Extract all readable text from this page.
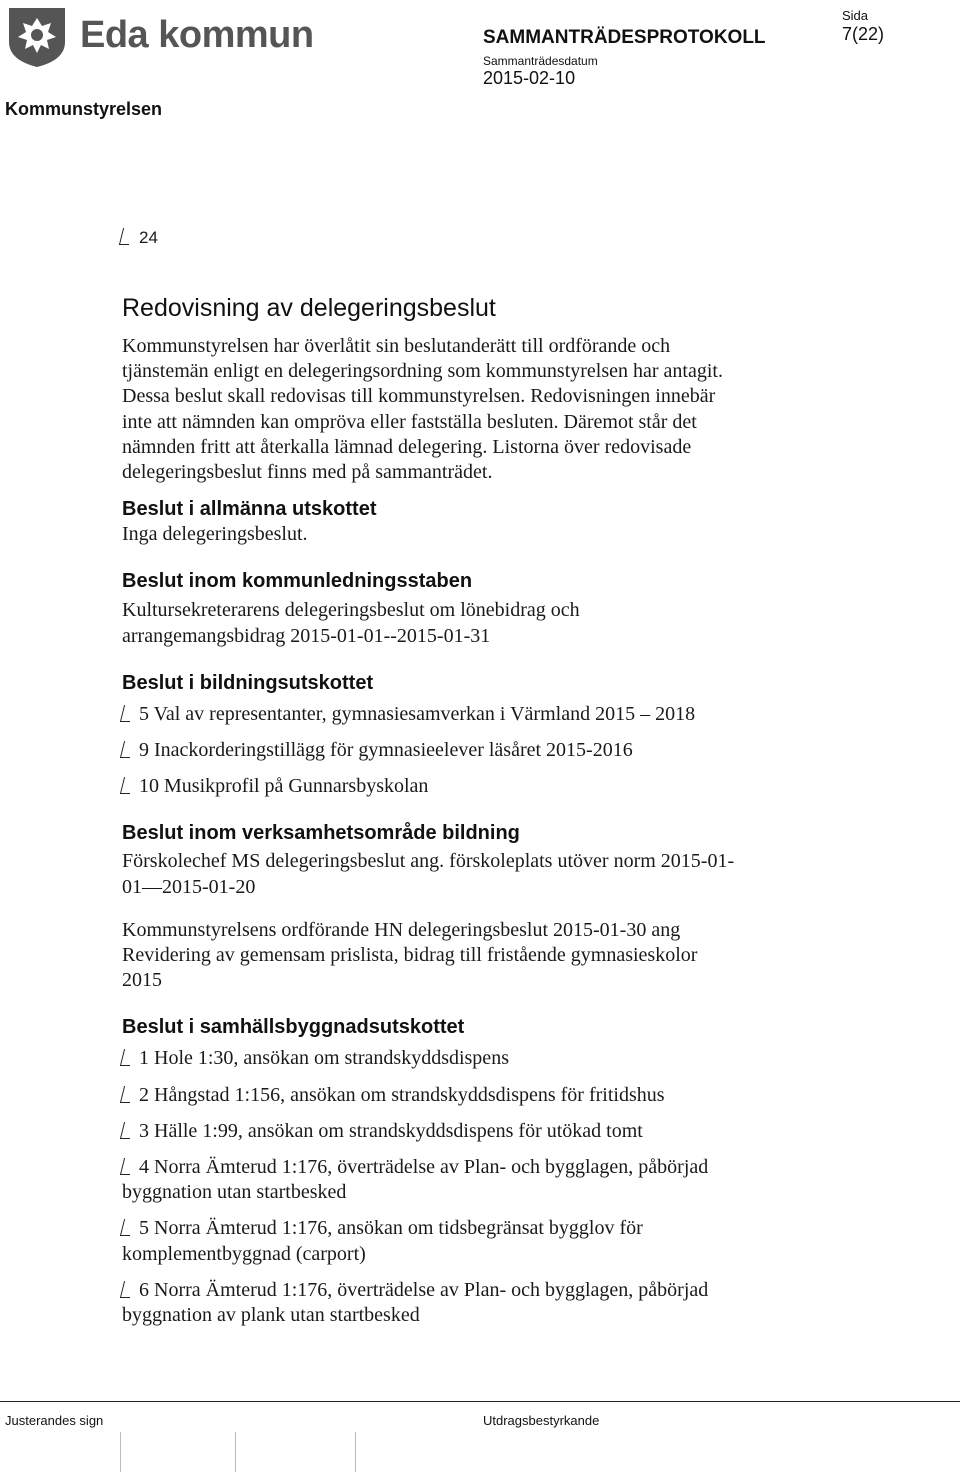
Eda kommun	SAMMANTRÄDESPROTOKOLL
Sammanträdesdatum
2015-02-10
Sida
7(22)
Kommunstyrelsen
24
Redovisning av delegeringsbeslut

Kommunstyrelsen har överlåtit sin beslutanderätt till ordförande och

tjänstemän enligt en delegeringsordning som kommunstyrelsen har antagit.

Dessa beslut skall redovisas till kommunstyrelsen. Redovisningen innebär

inte att nämnden kan ompröva eller fastställa besluten. Däremot står det

nämnden fritt att återkalla lämnad delegering. Listorna över redovisade

delegeringsbeslut finns med på sammanträdet.

Beslut i allmänna utskottet

Inga delegeringsbeslut.

Beslut inom kommunledningsstaben

Kultursekreterarens delegeringsbeslut om lönebidrag och

arrangemangsbidrag 2015-01-01--2015-01-31

Beslut i bildningsutskottet

5 Val av representanter, gymnasiesamverkan i Värmland 2015 – 2018

9 Inackorderingstillägg för gymnasieelever läsåret 2015-2016

10 Musikprofil på Gunnarsbyskolan

Beslut inom verksamhetsområde bildning

Förskolechef MS delegeringsbeslut ang. förskoleplats utöver norm 2015-01-

01—2015-01-20

Kommunstyrelsens ordförande HN delegeringsbeslut 2015-01-30 ang

Revidering av gemensam prislista, bidrag till fristående gymnasieskolor

2015

Beslut i samhällsbyggnadsutskottet

1 Hole 1:30, ansökan om strandskyddsdispens

2 Hångstad 1:156, ansökan om strandskyddsdispens för fritidshus

3 Hälle 1:99, ansökan om strandskyddsdispens för utökad tomt

4 Norra Ämterud 1:176, överträdelse av Plan- och bygglagen, påbörjad

byggnation utan startbesked

5 Norra Ämterud 1:176, ansökan om tidsbegränsat bygglov för

komplementbyggnad (carport)

6 Norra Ämterud 1:176, överträdelse av Plan- och bygglagen, påbörjad

byggnation av plank utan startbesked

Justerandes sign	Utdragsbestyrkande
